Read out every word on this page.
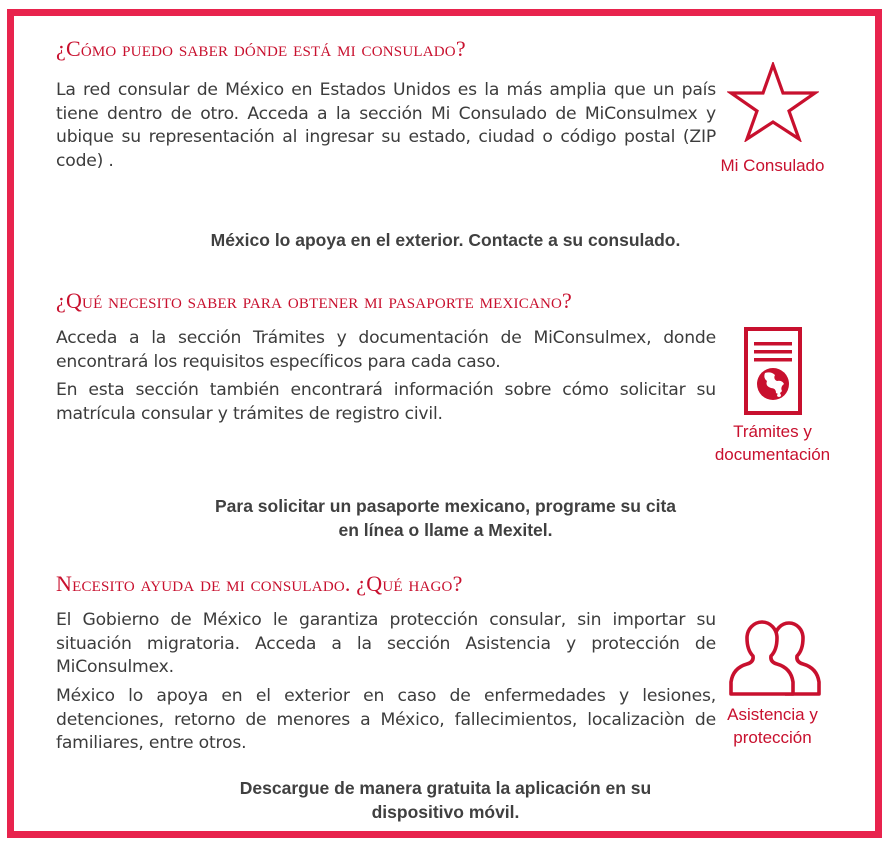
¿Cómo puedo saber dónde está mi consulado?
La red consular de México en Estados Unidos es la más amplia que un país tiene dentro de otro. Acceda a la sección Mi Consulado de MiConsulmex y ubique su representación al ingresar su estado, ciudad o código postal (ZIP code) .	Mi Consulado
México lo apoya en el exterior. Contacte a su consulado.
¿Qué necesito saber para obtener mi pasaporte mexicano?
Acceda a la sección Trámites y documentación de MiConsulmex, donde encontrará los requisitos específicos para cada caso.
En esta sección también encontrará información sobre cómo solicitar su matrícula consular y trámites de registro civil.
Trámites y
documentación
Para solicitar un pasaporte mexicano, programe su cita
en línea o llame a Mexitel.
Necesito ayuda de mi consulado. ¿Qué hago?
El Gobierno de México le garantiza protección consular, sin importar su situación migratoria. Acceda a la sección Asistencia y protección de MiConsulmex.
México lo apoya en el exterior en caso de enfermedades y lesiones, detenciones, retorno de menores a México, fallecimientos, localizaciòn de familiares, entre otros.
Asistencia y
protección
Descargue de manera gratuita la aplicación en su
dispositivo móvil.
